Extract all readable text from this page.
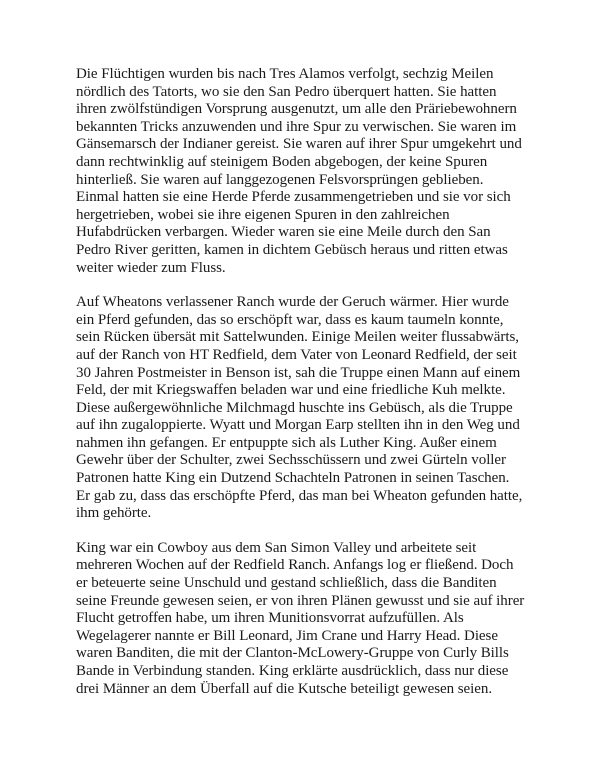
Die Flüchtigen wurden bis nach Tres Alamos verfolgt, sechzig Meilen nördlich des Tatorts, wo sie den San Pedro überquert hatten. Sie hatten ihren zwölfstündigen Vorsprung ausgenutzt, um alle den Präriebewohnern bekannten Tricks anzuwenden und ihre Spur zu verwischen. Sie waren im Gänsemarsch der Indianer gereist. Sie waren auf ihrer Spur umgekehrt und dann rechtwinklig auf steinigem Boden abgebogen, der keine Spuren hinterließ. Sie waren auf langgezogenen Felsvorsprüngen geblieben. Einmal hatten sie eine Herde Pferde zusammengetrieben und sie vor sich hergetrieben, wobei sie ihre eigenen Spuren in den zahlreichen Hufabdrücken verbargen. Wieder waren sie eine Meile durch den San Pedro River geritten, kamen in dichtem Gebüsch heraus und ritten etwas weiter wieder zum Fluss.

Auf Wheatons verlassener Ranch wurde der Geruch wärmer. Hier wurde ein Pferd gefunden, das so erschöpft war, dass es kaum taumeln konnte, sein Rücken übersät mit Sattelwunden. Einige Meilen weiter flussabwärts, auf der Ranch von HT Redfield, dem Vater von Leonard Redfield, der seit 30 Jahren Postmeister in Benson ist, sah die Truppe einen Mann auf einem Feld, der mit Kriegswaffen beladen war und eine friedliche Kuh melkte. Diese außergewöhnliche Milchmagd huschte ins Gebüsch, als die Truppe auf ihn zugaloppierte. Wyatt und Morgan Earp stellten ihn in den Weg und nahmen ihn gefangen. Er entpuppte sich als Luther King. Außer einem Gewehr über der Schulter, zwei Sechsschüssern und zwei Gürteln voller Patronen hatte King ein Dutzend Schachteln Patronen in seinen Taschen. Er gab zu, dass das erschöpfte Pferd, das man bei Wheaton gefunden hatte, ihm gehörte.

King war ein Cowboy aus dem San Simon Valley und arbeitete seit mehreren Wochen auf der Redfield Ranch. Anfangs log er fließend. Doch er beteuerte seine Unschuld und gestand schließlich, dass die Banditen seine Freunde gewesen seien, er von ihren Plänen gewusst und sie auf ihrer Flucht getroffen habe, um ihren Munitionsvorrat aufzufüllen. Als Wegelagerer nannte er Bill Leonard, Jim Crane und Harry Head. Diese waren Banditen, die mit der Clanton-McLowery-Gruppe von Curly Bills Bande in Verbindung standen. King erklärte ausdrücklich, dass nur diese drei Männer an dem Überfall auf die Kutsche beteiligt gewesen seien.
